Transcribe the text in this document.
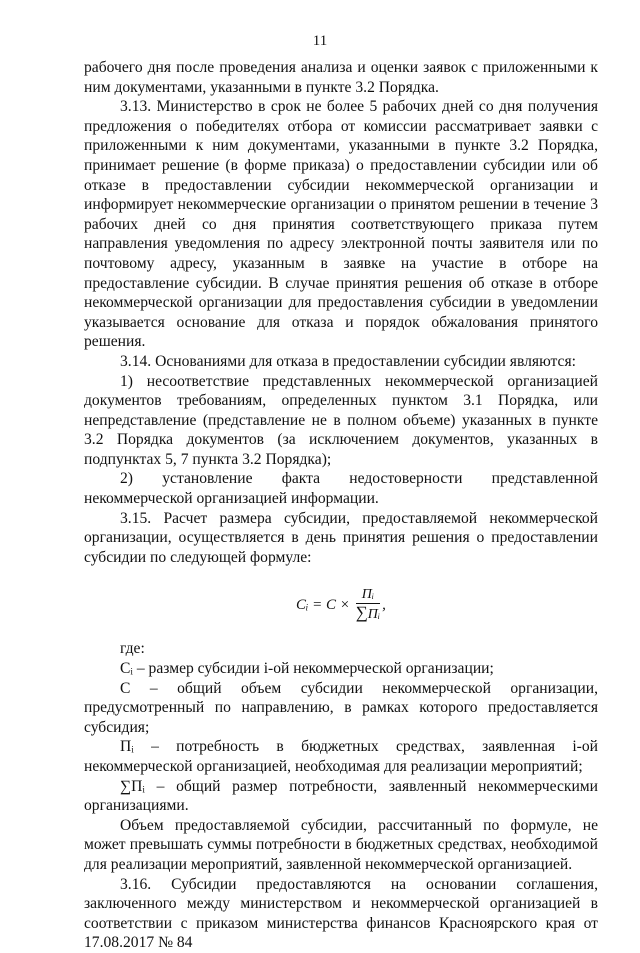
11

рабочего дня после проведения анализа и оценки заявок с приложенными к ним документами, указанными в пункте 3.2 Порядка.

3.13. Министерство в срок не более 5 рабочих дней со дня получения предложения о победителях отбора от комиссии рассматривает заявки с приложенными к ним документами, указанными в пункте 3.2 Порядка, принимает решение (в форме приказа) о предоставлении субсидии или об отказе в предоставлении субсидии некоммерческой организации и информирует некоммерческие организации о принятом решении в течение 3 рабочих дней со дня принятия соответствующего приказа путем направления уведомления по адресу электронной почты заявителя или по почтовому адресу, указанным в заявке на участие в отборе на предоставление субсидии. В случае принятия решения об отказе в отборе некоммерческой организации для предоставления субсидии в уведомлении указывается основание для отказа и порядок обжалования принятого решения.

3.14. Основаниями для отказа в предоставлении субсидии являются:

1) несоответствие представленных некоммерческой организацией документов требованиям, определенных пунктом 3.1 Порядка, или непредставление (представление не в полном объеме) указанных в пункте 3.2 Порядка документов (за исключением документов, указанных в подпунктах 5, 7 пункта 3.2 Порядка);

2) установление факта недостоверности представленной некоммерческой организацией информации.

3.15. Расчет размера субсидии, предоставляемой некоммерческой организации, осуществляется в день принятия решения о предоставлении субсидии по следующей формуле:

Cᵢ = $C \times \frac{\text{Пᵢ}}{\text{∑Пᵢ}}$ ,

где:

Сᵢ – размер субсидии i-ой некоммерческой организации;

С – общий объем субсидии некоммерческой организации, предусмотренный по направлению, в рамках которого предоставляется субсидия;

Пᵢ – потребность в бюджетных средствах, заявленная i-ой некоммерческой организацией, необходимая для реализации мероприятий;

∑Пᵢ – общий размер потребности, заявленный некоммерческими организациями.

Объем предоставляемой субсидии, рассчитанный по формуле, не может превышать суммы потребности в бюджетных средствах, необходимой для реализации мероприятий, заявленной некоммерческой организацией.

3.16. Субсидии предоставляются на основании соглашения, заключенного между министерством и некоммерческой организацией в соответствии с приказом министерства финансов Красноярского края от 17.08.2017 № 84
